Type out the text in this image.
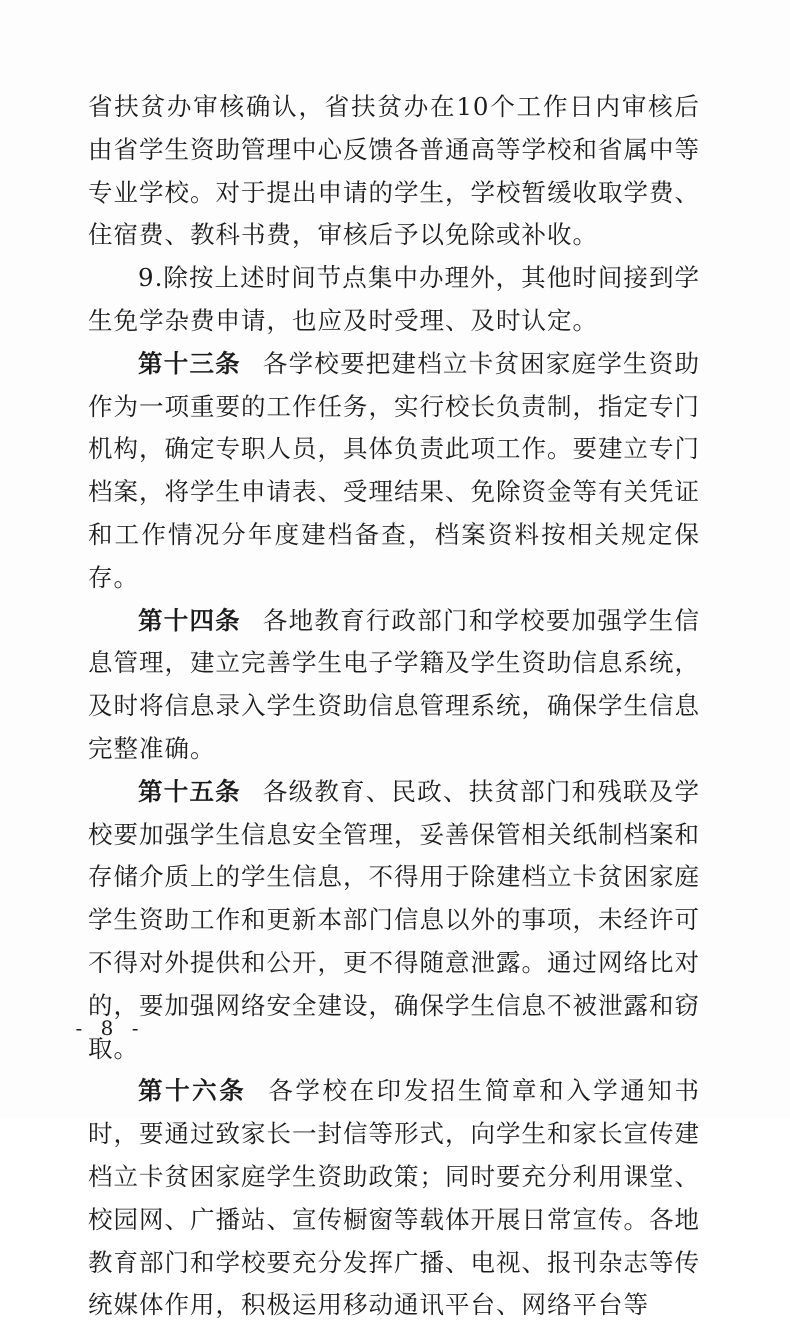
省扶贫办审核确认，省扶贫办在10个工作日内审核后由省学生资助管理中心反馈各普通高等学校和省属中等专业学校。对于提出申请的学生，学校暂缓收取学费、住宿费、教科书费，审核后予以免除或补收。

9.除按上述时间节点集中办理外，其他时间接到学生免学杂费申请，也应及时受理、及时认定。

第十三条 各学校要把建档立卡贫困家庭学生资助作为一项重要的工作任务，实行校长负责制，指定专门机构，确定专职人员，具体负责此项工作。要建立专门档案，将学生申请表、受理结果、免除资金等有关凭证和工作情况分年度建档备查，档案资料按相关规定保存。

第十四条 各地教育行政部门和学校要加强学生信息管理，建立完善学生电子学籍及学生资助信息系统，及时将信息录入学生资助信息管理系统，确保学生信息完整准确。

第十五条 各级教育、民政、扶贫部门和残联及学校要加强学生信息安全管理，妥善保管相关纸制档案和存储介质上的学生信息，不得用于除建档立卡贫困家庭学生资助工作和更新本部门信息以外的事项，未经许可不得对外提供和公开，更不得随意泄露。通过网络比对的，要加强网络安全建设，确保学生信息不被泄露和窃取。

第十六条 各学校在印发招生简章和入学通知书时，要通过致家长一封信等形式，向学生和家长宣传建档立卡贫困家庭学生资助政策；同时要充分利用课堂、校园网、广播站、宣传橱窗等载体开展日常宣传。各地教育部门和学校要充分发挥广播、电视、报刊杂志等传统媒体作用，积极运用移动通讯平台、网络平台等

- 8 -
